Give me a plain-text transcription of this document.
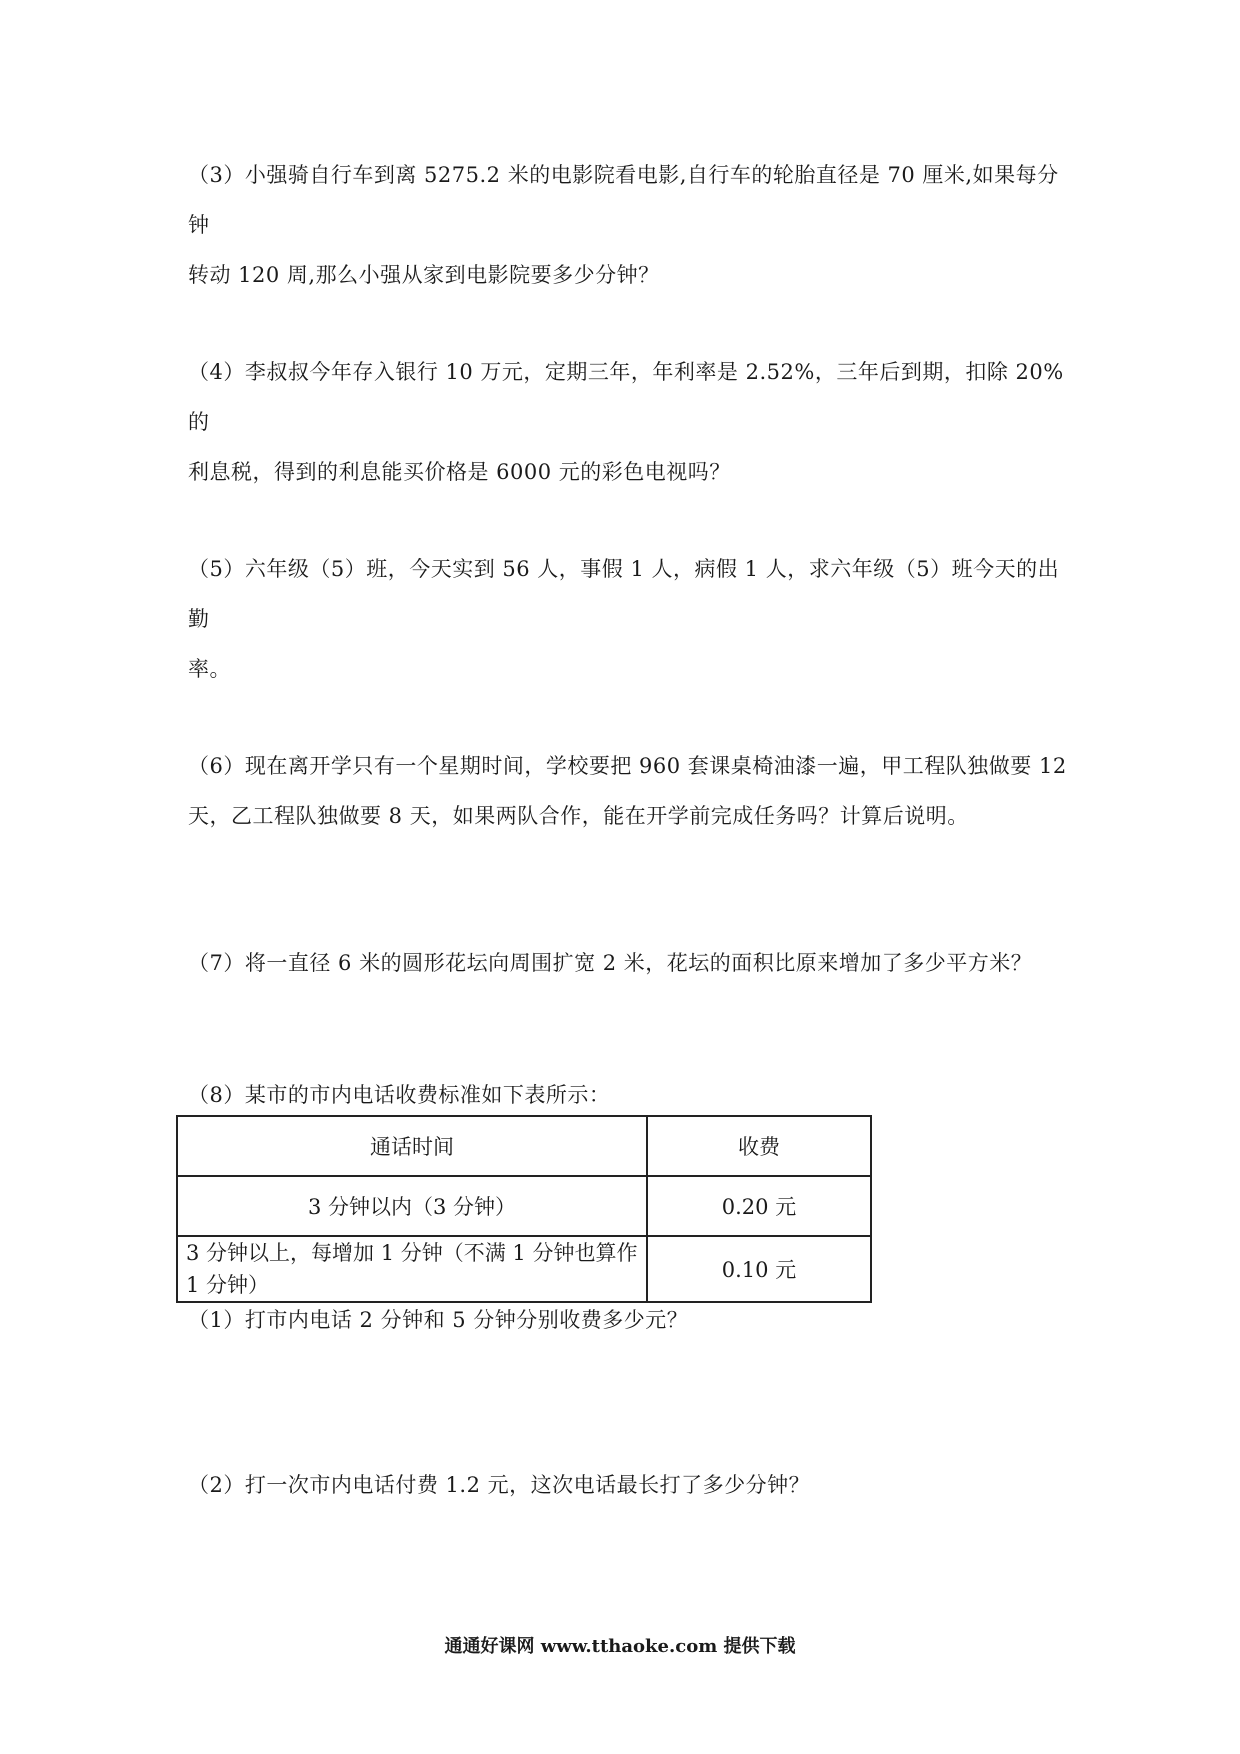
（3）小强骑自行车到离 5275.2 米的电影院看电影,自行车的轮胎直径是 70 厘米,如果每分钟

转动 120 周,那么小强从家到电影院要多少分钟？

（4）李叔叔今年存入银行 10 万元，定期三年，年利率是 2.52%，三年后到期，扣除 20%的

利息税，得到的利息能买价格是 6000 元的彩色电视吗？

（5）六年级（5）班，今天实到 56 人，事假 1 人，病假 1 人，求六年级（5）班今天的出勤

率。

（6）现在离开学只有一个星期时间，学校要把 960 套课桌椅油漆一遍，甲工程队独做要 12

天，乙工程队独做要 8 天，如果两队合作，能在开学前完成任务吗？计算后说明。

（7）将一直径 6 米的圆形花坛向周围扩宽 2 米，花坛的面积比原来增加了多少平方米？

（8）某市的市内电话收费标准如下表所示：
通话时间	收费
3 分钟以内（3 分钟）	0.20 元
3 分钟以上，每增加 1 分钟（不满 1 分钟也算作 1 分钟）	0.10 元
（1）打市内电话 2 分钟和 5 分钟分别收费多少元？
（2）打一次市内电话付费 1.2 元，这次电话最长打了多少分钟？
通通好课网 www.tthaoke.com 提供下载
